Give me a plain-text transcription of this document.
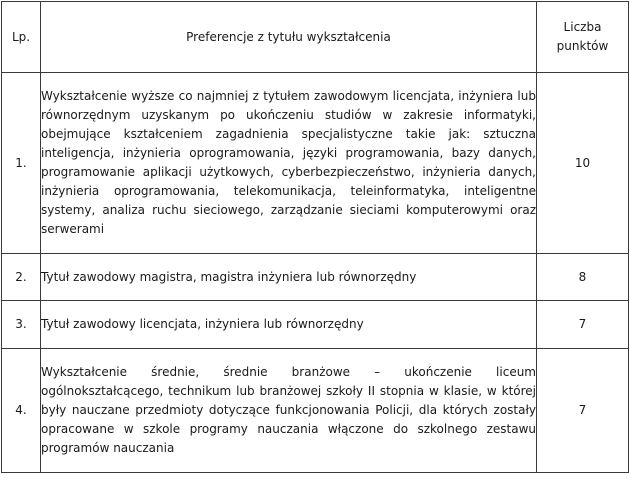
Lp.	Preferencje z tytułu wykształcenia	Liczba
punktów

1.	Wykształcenie wyższe co najmniej z tytułem zawodowym licencjata, inżyniera lub równorzędnym uzyskanym po ukończeniu studiów w zakresie informatyki, obejmujące kształceniem zagadnienia specjalistyczne takie jak: sztuczna inteligencja, inżynieria oprogramowania, języki programowania, bazy danych, programowanie aplikacji użytkowych, cyberbezpieczeństwo, inżynieria danych, inżynieria oprogramowania, telekomunikacja, teleinformatyka, inteligentne systemy, analiza ruchu sieciowego, zarządzanie sieciami komputerowymi oraz serwerami	10
2.	Tytuł zawodowy magistra, magistra inżyniera lub równorzędny	8
3.	Tytuł zawodowy licencjata, inżyniera lub równorzędny	7
4.	Wykształcenie średnie, średnie branżowe – ukończenie liceum ogólnokształcącego, technikum lub branżowej szkoły II stopnia w klasie, w której były nauczane przedmioty dotyczące funkcjonowania Policji, dla których zostały opracowane w szkole programy nauczania włączone do szkolnego zestawu programów nauczania	7
